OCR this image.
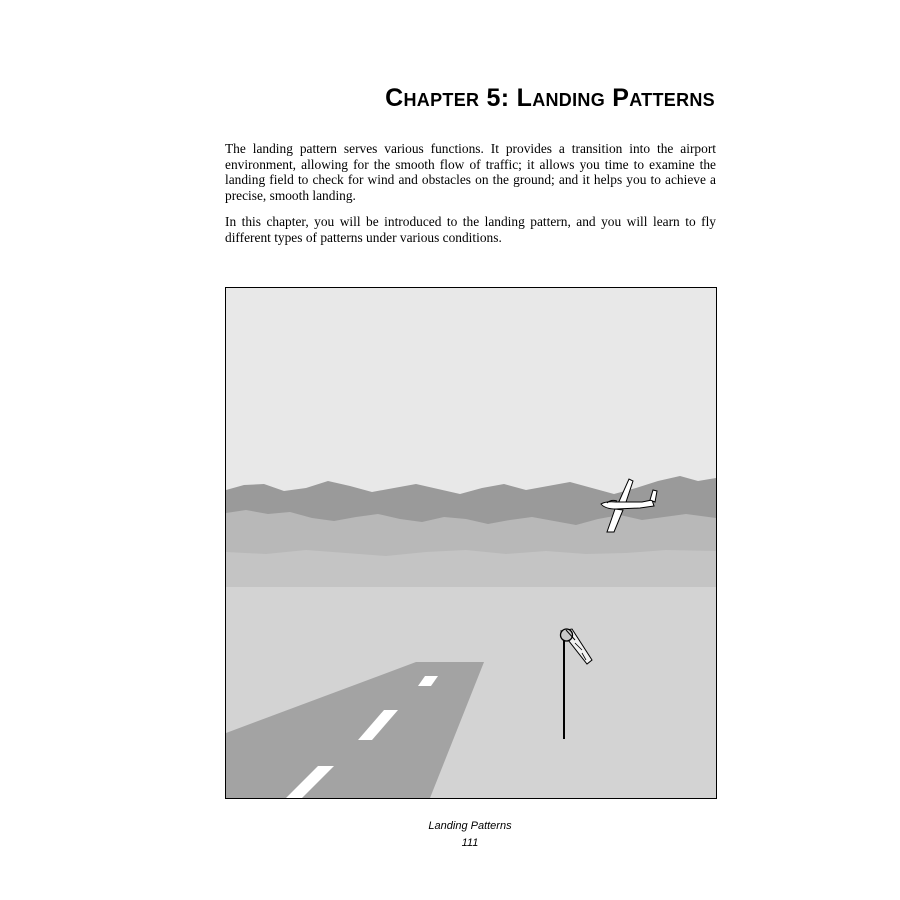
Chapter 5: Landing Patterns

The landing pattern serves various functions. It provides a transition into the airport environment, allowing for the smooth flow of traffic; it allows you time to examine the landing field to check for wind and obstacles on the ground; and it helps you to achieve a precise, smooth landing.

In this chapter, you will be introduced to the landing pattern, and you will learn to fly different types of patterns under various conditions.

Landing Patterns

111
